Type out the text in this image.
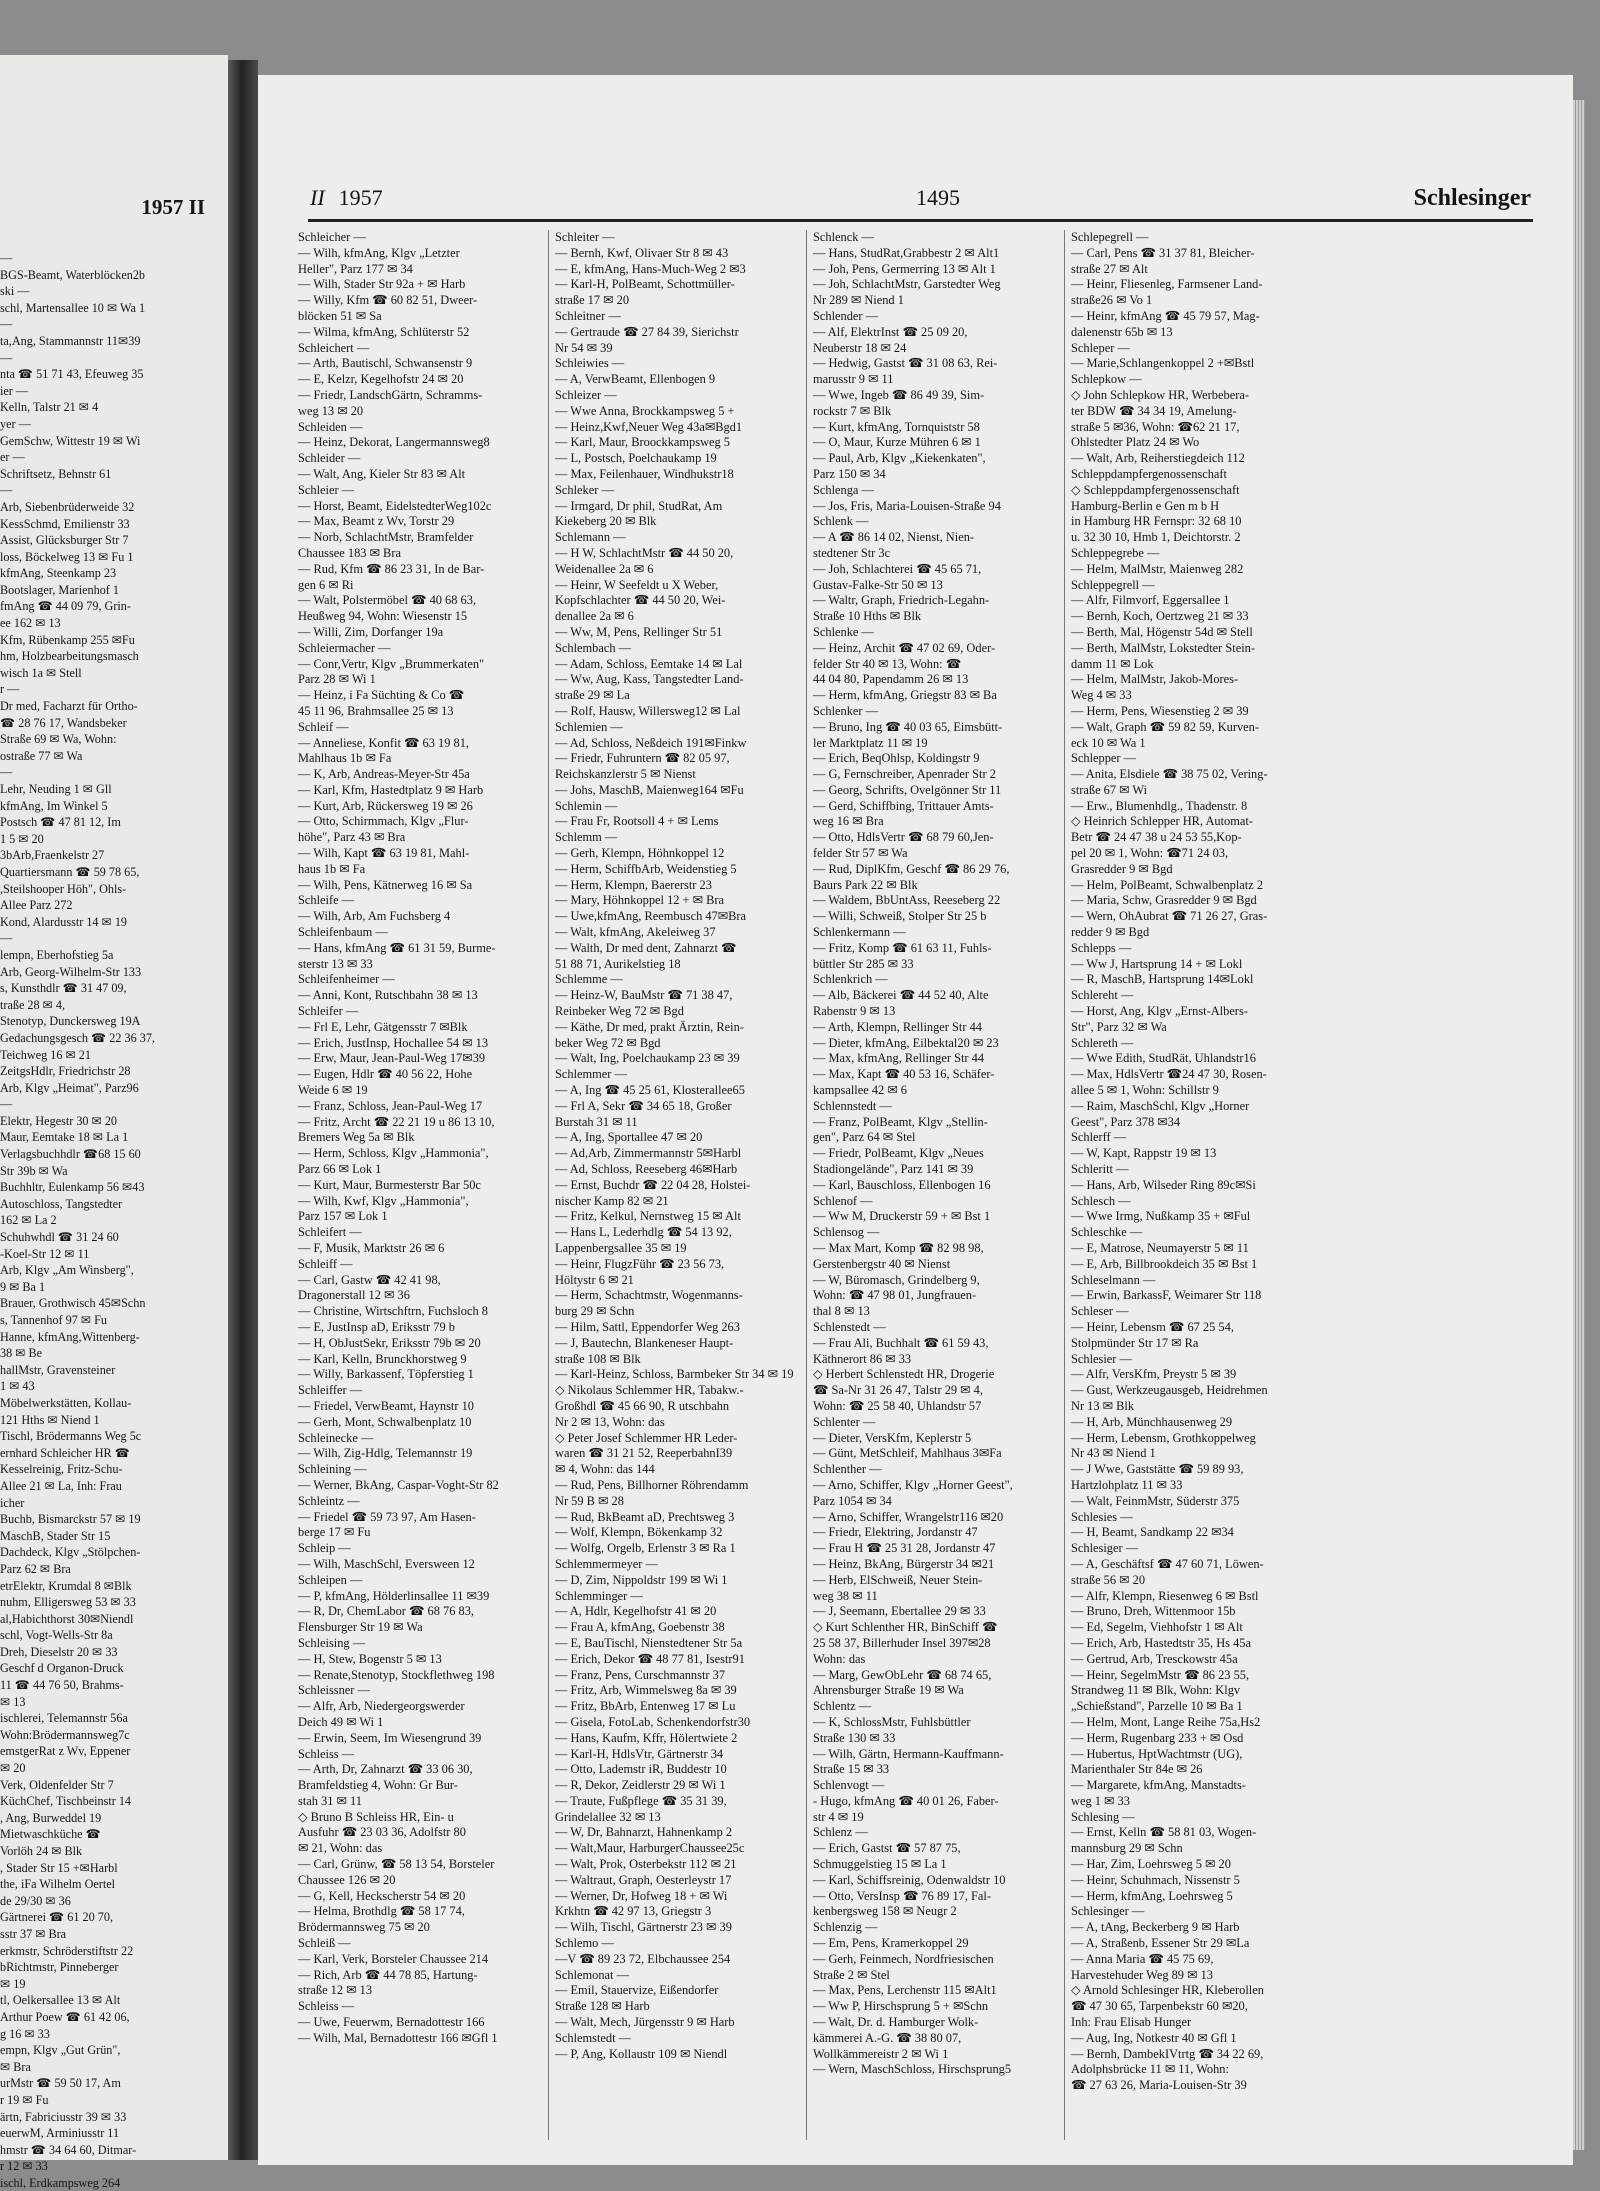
1957 II
—
BGS-Beamt, Waterblöcken2b
ski —
schl, Martensallee 10 ✉ Wa 1
—
ta,Ang, Stammannstr 11✉39
—
nta ☎ 51 71 43, Efeuweg 35
ier —
Kelln, Talstr 21 ✉ 4
yer —
GemSchw, Wittestr 19 ✉ Wi
er —
Schriftsetz, Behnstr 61
—
Arb, Siebenbrüderweide 32
KessSchmd, Emilienstr 33
Assist, Glücksburger Str 7
loss, Böckelweg 13 ✉ Fu 1
kfmAng, Steenkamp 23
Bootslager, Marienhof 1
fmAng ☎ 44 09 79, Grin-
ee 162 ✉ 13
Kfm, Rübenkamp 255 ✉Fu
hm, Holzbearbeitungsmasch
wisch 1a ✉ Stell
r —
Dr med, Facharzt für Ortho-
☎ 28 76 17, Wandsbeker
Straße 69 ✉ Wa, Wohn:
ostraße 77 ✉ Wa
—
Lehr, Neuding 1 ✉ Gll
kfmAng, Im Winkel 5
Postsch ☎ 47 81 12, Im
1 5 ✉ 20
3bArb,Fraenkelstr 27
Quartiersmann ☎ 59 78 65,
,Steilshooper Höh", Ohls-
Allee Parz 272
Kond, Alardusstr 14 ✉ 19
—
lempn, Eberhofstieg 5a
Arb, Georg-Wilhelm-Str 133
s, Kunsthdlr ☎ 31 47 09,
traße 28 ✉ 4,
Stenotyp, Dunckersweg 19A
Gedachungsgesch ☎ 22 36 37,
Teichweg 16 ✉ 21
ZeitgsHdlr, Friedrichstr 28
Arb, Klgv „Heimat", Parz96
—
Elektr, Hegestr 30 ✉ 20
Maur, Eemtake 18 ✉ La 1
Verlagsbuchhdlr ☎68 15 60
Str 39b ✉ Wa
Buchhltr, Eulenkamp 56 ✉43
Autoschloss, Tangstedter
162 ✉ La 2
Schuhwhdl ☎ 31 24 60
-Koel-Str 12 ✉ 11
Arb, Klgv „Am Winsberg",
9 ✉ Ba 1
Brauer, Grothwisch 45✉Schn
s, Tannenhof 97 ✉ Fu
Hanne, kfmAng,Wittenberg-
38 ✉ Be
hallMstr, Gravensteiner
1 ✉ 43
Möbelwerkstätten, Kollau-
121 Hths ✉ Niend 1
Tischl, Brödermanns Weg 5c
ernhard Schleicher HR ☎
Kesselreinig, Fritz-Schu-
Allee 21 ✉ La, Inh: Frau
icher
Buchb, Bismarckstr 57 ✉ 19
MaschB, Stader Str 15
Dachdeck, Klgv „Stölpchen-
Parz 62 ✉ Bra
etrElektr, Krumdal 8 ✉Blk
nuhm, Elligersweg 53 ✉ 33
al,Habichthorst 30✉Niendl
schl, Vogt-Wells-Str 8a
Dreh, Dieselstr 20 ✉ 33
Geschf d Organon-Druck
11 ☎ 44 76 50, Brahms-
✉ 13
ischlerei, Telemannstr 56a
Wohn:Brödermannsweg7c
emstgerRat z Wv, Eppener
✉ 20
Verk, Oldenfelder Str 7
KüchChef, Tischbeinstr 14
, Ang, Burweddel 19
Mietwaschküche ☎
Vorlöh 24 ✉ Blk
, Stader Str 15 +✉Harbl
the, iFa Wilhelm Oertel
de 29/30 ✉ 36
Gärtnerei ☎ 61 20 70,
sstr 37 ✉ Bra
erkmstr, Schröderstiftstr 22
bRichtmstr, Pinneberger
✉ 19
tl, Oelkersallee 13 ✉ Alt
Arthur Poew ☎ 61 42 06,
g 16 ✉ 33
empn, Klgv „Gut Grün",
✉ Bra
urMstr ☎ 59 50 17, Am
r 19 ✉ Fu
ärtn, Fabriciusstr 39 ✉ 33
euerwM, Arminiusstr 11
hmstr ☎ 34 64 60, Ditmar-
r 12 ✉ 33
ischl, Erdkampsweg 264
II 1957	1495	Schlesinger
Schleicher —
— Wilh, kfmAng, Klgv „Letzter
Heller", Parz 177 ✉ 34
— Wilh, Stader Str 92a + ✉ Harb
— Willy, Kfm ☎ 60 82 51, Dweer-
blöcken 51 ✉ Sa
— Wilma, kfmAng, Schlüterstr 52
Schleichert —
— Arth, Bautischl, Schwansenstr 9
— E, Kelzr, Kegelhofstr 24 ✉ 20
— Friedr, LandschGärtn, Schramms-
weg 13 ✉ 20
Schleiden —
— Heinz, Dekorat, Langermannsweg8
Schleider —
— Walt, Ang, Kieler Str 83 ✉ Alt
Schleier —
— Horst, Beamt, EidelstedterWeg102c
— Max, Beamt z Wv, Torstr 29
— Norb, SchlachtMstr, Bramfelder
Chaussee 183 ✉ Bra
— Rud, Kfm ☎ 86 23 31, In de Bar-
gen 6 ✉ Ri
— Walt, Polstermöbel ☎ 40 68 63,
Heußweg 94, Wohn: Wiesenstr 15
— Willi, Zim, Dorfanger 19a
Schleiermacher —
— Conr,Vertr, Klgv „Brummerkaten"
Parz 28 ✉ Wi 1
— Heinz, i Fa Süchting & Co ☎
45 11 96, Brahmsallee 25 ✉ 13
Schleif —
— Anneliese, Konfit ☎ 63 19 81,
Mahlhaus 1b ✉ Fa
— K, Arb, Andreas-Meyer-Str 45a
— Karl, Kfm, Hastedtplatz 9 ✉ Harb
— Kurt, Arb, Rückersweg 19 ✉ 26
— Otto, Schirmmach, Klgv „Flur-
höhe", Parz 43 ✉ Bra
— Wilh, Kapt ☎ 63 19 81, Mahl-
haus 1b ✉ Fa
— Wilh, Pens, Kätnerweg 16 ✉ Sa
Schleife —
— Wilh, Arb, Am Fuchsberg 4
Schleifenbaum —
— Hans, kfmAng ☎ 61 31 59, Burme-
sterstr 13 ✉ 33
Schleifenheimer —
— Anni, Kont, Rutschbahn 38 ✉ 13
Schleifer —
— Frl E, Lehr, Gätgensstr 7 ✉Blk
— Erich, JustInsp, Hochallee 54 ✉ 13
— Erw, Maur, Jean-Paul-Weg 17✉39
— Eugen, Hdlr ☎ 40 56 22, Hohe
Weide 6 ✉ 19
— Franz, Schloss, Jean-Paul-Weg 17
— Fritz, Archt ☎ 22 21 19 u 86 13 10,
Bremers Weg 5a ✉ Blk
— Herm, Schloss, Klgv „Hammonia",
Parz 66 ✉ Lok 1
— Kurt, Maur, Burmesterstr Bar 50c
— Wilh, Kwf, Klgv „Hammonia",
Parz 157 ✉ Lok 1
Schleifert —
— F, Musik, Marktstr 26 ✉ 6
Schleiff —
— Carl, Gastw ☎ 42 41 98,
Dragonerstall 12 ✉ 36
— Christine, Wirtschftrn, Fuchsloch 8
— E, JustInsp aD, Eriksstr 79 b
— H, ObJustSekr, Eriksstr 79b ✉ 20
— Karl, Kelln, Brunckhorstweg 9
— Willy, Barkassenf, Töpferstieg 1
Schleiffer —
— Friedel, VerwBeamt, Haynstr 10
— Gerh, Mont, Schwalbenplatz 10
Schleinecke —
— Wilh, Zig-Hdlg, Telemannstr 19
Schleining —
— Werner, BkAng, Caspar-Voght-Str 82
Schleintz —
— Friedel ☎ 59 73 97, Am Hasen-
berge 17 ✉ Fu
Schleip —
— Wilh, MaschSchl, Eversween 12
Schleipen —
— P, kfmAng, Hölderlinsallee 11 ✉39
— R, Dr, ChemLabor ☎ 68 76 83,
Flensburger Str 19 ✉ Wa
Schleising —
— H, Stew, Bogenstr 5 ✉ 13
— Renate,Stenotyp, Stockflethweg 198
Schleissner —
— Alfr, Arb, Niedergeorgswerder
Deich 49 ✉ Wi 1
— Erwin, Seem, Im Wiesengrund 39
Schleiss —
— Arth, Dr, Zahnarzt ☎ 33 06 30,
Bramfeldstieg 4, Wohn: Gr Bur-
stah 31 ✉ 11
◇ Bruno B Schleiss HR, Ein- u
Ausfuhr ☎ 23 03 36, Adolfstr 80
✉ 21, Wohn: das
— Carl, Grünw, ☎ 58 13 54, Borsteler
Chaussee 126 ✉ 20
— G, Kell, Heckscherstr 54 ✉ 20
— Helma, Brothdlg ☎ 58 17 74,
Brödermannsweg 75 ✉ 20
Schleiß —
— Karl, Verk, Borsteler Chaussee 214
— Rich, Arb ☎ 44 78 85, Hartung-
straße 12 ✉ 13
Schleiss —
— Uwe, Feuerwm, Bernadottestr 166
— Wilh, Mal, Bernadottestr 166 ✉Gfl 1
Schleiter —
— Bernh, Kwf, Olivaer Str 8 ✉ 43
— E, kfmAng, Hans-Much-Weg 2 ✉3
— Karl-H, PolBeamt, Schottmüller-
straße 17 ✉ 20
Schleitner —
— Gertraude ☎ 27 84 39, Sierichstr
Nr 54 ✉ 39
Schleiwies —
— A, VerwBeamt, Ellenbogen 9
Schleizer —
— Wwe Anna, Brockkampsweg 5 +
— Heinz,Kwf,Neuer Weg 43a✉Bgd1
— Karl, Maur, Broockkampsweg 5
— L, Postsch, Poelchaukamp 19
— Max, Feilenhauer, Windhukstr18
Schleker —
— Irmgard, Dr phil, StudRat, Am
Kiekeberg 20 ✉ Blk
Schlemann —
— H W, SchlachtMstr ☎ 44 50 20,
Weidenallee 2a ✉ 6
— Heinr, W Seefeldt u X Weber,
Kopfschlachter ☎ 44 50 20, Wei-
denallee 2a ✉ 6
— Ww, M, Pens, Rellinger Str 51
Schlembach —
— Adam, Schloss, Eemtake 14 ✉ Lal
— Ww, Aug, Kass, Tangstedter Land-
straße 29 ✉ La
— Rolf, Hausw, Willersweg12 ✉ Lal
Schlemien —
— Ad, Schloss, Neßdeich 191✉Finkw
— Friedr, Fuhruntern ☎ 82 05 97,
Reichskanzlerstr 5 ✉ Nienst
— Johs, MaschB, Maienweg164 ✉Fu
Schlemin —
— Frau Fr, Rootsoll 4 + ✉ Lems
Schlemm —
— Gerh, Klempn, Höhnkoppel 12
— Herm, SchiffbArb, Weidenstieg 5
— Herm, Klempn, Baererstr 23
— Mary, Höhnkoppel 12 + ✉ Bra
— Uwe,kfmAng, Reembusch 47✉Bra
— Walt, kfmAng, Akeleiweg 37
— Walth, Dr med dent, Zahnarzt ☎
51 88 71, Aurikelstieg 18
Schlemme —
— Heinz-W, BauMstr ☎ 71 38 47,
Reinbeker Weg 72 ✉ Bgd
— Käthe, Dr med, prakt Ärztin, Rein-
beker Weg 72 ✉ Bgd
— Walt, Ing, Poelchaukamp 23 ✉ 39
Schlemmer —
— A, Ing ☎ 45 25 61, Klosterallee65
— Frl A, Sekr ☎ 34 65 18, Großer
Burstah 31 ✉ 11
— A, Ing, Sportallee 47 ✉ 20
— Ad,Arb, Zimmermannstr 5✉Harbl
— Ad, Schloss, Reeseberg 46✉Harb
— Ernst, Buchdr ☎ 22 04 28, Holstei-
nischer Kamp 82 ✉ 21
— Fritz, Kelkul, Nernstweg 15 ✉ Alt
— Hans L, Lederhdlg ☎ 54 13 92,
Lappenbergsallee 35 ✉ 19
— Heinr, FlugzFühr ☎ 23 56 73,
Höltystr 6 ✉ 21
— Herm, Schachtmstr, Wogenmanns-
burg 29 ✉ Schn
— Hilm, Sattl, Eppendorfer Weg 263
— J, Bautechn, Blankeneser Haupt-
straße 108 ✉ Blk
— Karl-Heinz, Schloss, Barmbeker Str 34 ✉ 19
◇ Nikolaus Schlemmer HR, Tabakw.-
Großhdl ☎ 45 66 90, R utschbahn
Nr 2 ✉ 13, Wohn: das
◇ Peter Josef Schlemmer HR Leder-
waren ☎ 31 21 52, ReeperbahnI39
✉ 4, Wohn: das 144
— Rud, Pens, Billhorner Röhrendamm
Nr 59 B ✉ 28
— Rud, BkBeamt aD, Prechtsweg 3
— Wolf, Klempn, Bökenkamp 32
— Wolfg, Orgelb, Erlenstr 3 ✉ Ra 1
Schlemmermeyer —
— D, Zim, Nippoldstr 199 ✉ Wi 1
Schlemminger —
— A, Hdlr, Kegelhofstr 41 ✉ 20
— Frau A, kfmAng, Goebenstr 38
— E, BauTischl, Nienstedtener Str 5a
— Erich, Dekor ☎ 48 77 81, Isestr91
— Franz, Pens, Curschmannstr 37
— Fritz, Arb, Wimmelsweg 8a ✉ 39
— Fritz, BbArb, Entenweg 17 ✉ Lu
— Gisela, FotoLab, Schenkendorfstr30
— Hans, Kaufm, Kffr, Hölertwiete 2
— Karl-H, HdlsVtr, Gärtnerstr 34
— Otto, Lademstr iR, Buddestr 10
— R, Dekor, Zeidlerstr 29 ✉ Wi 1
— Traute, Fußpflege ☎ 35 31 39,
Grindelallee 32 ✉ 13
— W, Dr, Bahnarzt, Hahnenkamp 2
— Walt,Maur, HarburgerChaussee25c
— Walt, Prok, Osterbekstr 112 ✉ 21
— Waltraut, Graph, Oesterleystr 17
— Werner, Dr, Hofweg 18 + ✉ Wi
Krkhtn ☎ 42 97 13, Griegstr 3
— Wilh, Tischl, Gärtnerstr 23 ✉ 39
Schlemo —
—V ☎ 89 23 72, Elbchaussee 254
Schlemonat —
— Emil, Stauervize, Eißendorfer
Straße 128 ✉ Harb
— Walt, Mech, Jürgensstr 9 ✉ Harb
Schlemstedt —
— P, Ang, Kollaustr 109 ✉ Niendl
Schlenck —
— Hans, StudRat,Grabbestr 2 ✉ Alt1
— Joh, Pens, Germerring 13 ✉ Alt 1
— Joh, SchlachtMstr, Garstedter Weg
Nr 289 ✉ Niend 1
Schlender —
— Alf, ElektrInst ☎ 25 09 20,
Neuberstr 18 ✉ 24
— Hedwig, Gastst ☎ 31 08 63, Rei-
marusstr 9 ✉ 11
— Wwe, Ingeb ☎ 86 49 39, Sim-
rockstr 7 ✉ Blk
— Kurt, kfmAng, Tornquiststr 58
— O, Maur, Kurze Mühren 6 ✉ 1
— Paul, Arb, Klgv „Kiekenkaten",
Parz 150 ✉ 34
Schlenga —
— Jos, Fris, Maria-Louisen-Straße 94
Schlenk —
— A ☎ 86 14 02, Nienst, Nien-
stedtener Str 3c
— Joh, Schlachterei ☎ 45 65 71,
Gustav-Falke-Str 50 ✉ 13
— Waltr, Graph, Friedrich-Legahn-
Straße 10 Hths ✉ Blk
Schlenke —
— Heinz, Archit ☎ 47 02 69, Oder-
felder Str 40 ✉ 13, Wohn: ☎
44 04 80, Papendamm 26 ✉ 13
— Herm, kfmAng, Griegstr 83 ✉ Ba
Schlenker —
— Bruno, Ing ☎ 40 03 65, Eimsbütt-
ler Marktplatz 11 ✉ 19
— Erich, BeqOhlsp, Koldingstr 9
— G, Fernschreiber, Apenrader Str 2
— Georg, Schrifts, Ovelgönner Str 11
— Gerd, Schiffbing, Trittauer Amts-
weg 16 ✉ Bra
— Otto, HdlsVertr ☎ 68 79 60,Jen-
felder Str 57 ✉ Wa
— Rud, DiplKfm, Geschf ☎ 86 29 76,
Baurs Park 22 ✉ Blk
— Waldem, BbUntAss, Reeseberg 22
— Willi, Schweiß, Stolper Str 25 b
Schlenkermann —
— Fritz, Komp ☎ 61 63 11, Fuhls-
büttler Str 285 ✉ 33
Schlenkrich —
— Alb, Bäckerei ☎ 44 52 40, Alte
Rabenstr 9 ✉ 13
— Arth, Klempn, Rellinger Str 44
— Dieter, kfmAng, Eilbektal20 ✉ 23
— Max, kfmAng, Rellinger Str 44
— Max, Kapt ☎ 40 53 16, Schäfer-
kampsallee 42 ✉ 6
Schlennstedt —
— Franz, PolBeamt, Klgv „Stellin-
gen", Parz 64 ✉ Stel
— Friedr, PolBeamt, Klgv „Neues
Stadiongelände", Parz 141 ✉ 39
— Karl, Bauschloss, Ellenbogen 16
Schlenof —
— Ww M, Druckerstr 59 + ✉ Bst 1
Schlensog —
— Max Mart, Komp ☎ 82 98 98,
Gerstenbergstr 40 ✉ Nienst
— W, Büromasch, Grindelberg 9,
Wohn: ☎ 47 98 01, Jungfrauen-
thal 8 ✉ 13
Schlenstedt —
— Frau Ali, Buchhalt ☎ 61 59 43,
Käthnerort 86 ✉ 33
◇ Herbert Schlenstedt HR, Drogerie
☎ Sa-Nr 31 26 47, Talstr 29 ✉ 4,
Wohn: ☎ 25 58 40, Uhlandstr 57
Schlenter —
— Dieter, VersKfm, Keplerstr 5
— Günt, MetSchleif, Mahlhaus 3✉Fa
Schlenther —
— Arno, Schiffer, Klgv „Horner Geest",
Parz 1054 ✉ 34
— Arno, Schiffer, Wrangelstr116 ✉20
— Friedr, Elektring, Jordanstr 47
— Frau H ☎ 25 31 28, Jordanstr 47
— Heinz, BkAng, Bürgerstr 34 ✉21
— Herb, ElSchweiß, Neuer Stein-
weg 38 ✉ 11
— J, Seemann, Ebertallee 29 ✉ 33
◇ Kurt Schlenther HR, BinSchiff ☎
25 58 37, Billerhuder Insel 397✉28
Wohn: das
— Marg, GewObLehr ☎ 68 74 65,
Ahrensburger Straße 19 ✉ Wa
Schlentz —
— K, SchlossMstr, Fuhlsbüttler
Straße 130 ✉ 33
— Wilh, Gärtn, Hermann-Kauffmann-
Straße 15 ✉ 33
Schlenvogt —
- Hugo, kfmAng ☎ 40 01 26, Faber-
str 4 ✉ 19
Schlenz —
— Erich, Gastst ☎ 57 87 75,
Schmuggelstieg 15 ✉ La 1
— Karl, Schiffsreinig, Odenwaldstr 10
— Otto, VersInsp ☎ 76 89 17, Fal-
kenbergsweg 158 ✉ Neugr 2
Schlenzig —
— Em, Pens, Kramerkoppel 29
— Gerh, Feinmech, Nordfriesischen
Straße 2 ✉ Stel
— Max, Pens, Lerchenstr 115 ✉Alt1
— Ww P, Hirschsprung 5 + ✉Schn
— Walt, Dr. d. Hamburger Wolk-
kämmerei A.-G. ☎ 38 80 07,
Wollkämmereistr 2 ✉ Wi 1
— Wern, MaschSchloss, Hirschsprung5
Schlepegrell —
— Carl, Pens ☎ 31 37 81, Bleicher-
straße 27 ✉ Alt
— Heinr, Fliesenleg, Farmsener Land-
straße26 ✉ Vo 1
— Heinr, kfmAng ☎ 45 79 57, Mag-
dalenenstr 65b ✉ 13
Schleper —
— Marie,Schlangenkoppel 2 +✉Bstl
Schlepkow —
◇ John Schlepkow HR, Werbebera-
ter BDW ☎ 34 34 19, Amelung-
straße 5 ✉36, Wohn: ☎62 21 17,
Ohlstedter Platz 24 ✉ Wo
— Walt, Arb, Reiherstiegdeich 112
Schleppdampfergenossenschaft
◇ Schleppdampfergenossenschaft
Hamburg-Berlin e Gen m b H
in Hamburg HR Fernspr: 32 68 10
u. 32 30 10, Hmb 1, Deichtorstr. 2
Schleppegrebe —
— Helm, MalMstr, Maienweg 282
Schleppegrell —
— Alfr, Filmvorf, Eggersallee 1
— Bernh, Koch, Oertzweg 21 ✉ 33
— Berth, Mal, Högenstr 54d ✉ Stell
— Berth, MalMstr, Lokstedter Stein-
damm 11 ✉ Lok
— Helm, MalMstr, Jakob-Mores-
Weg 4 ✉ 33
— Herm, Pens, Wiesenstieg 2 ✉ 39
— Walt, Graph ☎ 59 82 59, Kurven-
eck 10 ✉ Wa 1
Schlepper —
— Anita, Elsdiele ☎ 38 75 02, Vering-
straße 67 ✉ Wi
— Erw., Blumenhdlg., Thadenstr. 8
◇ Heinrich Schlepper HR, Automat-
Betr ☎ 24 47 38 u 24 53 55,Kop-
pel 20 ✉ 1, Wohn: ☎71 24 03,
Grasredder 9 ✉ Bgd
— Helm, PolBeamt, Schwalbenplatz 2
— Maria, Schw, Grasredder 9 ✉ Bgd
— Wern, OhAubrat ☎ 71 26 27, Gras-
redder 9 ✉ Bgd
Schlepps —
— Ww J, Hartsprung 14 + ✉ Lokl
— R, MaschB, Hartsprung 14✉Lokl
Schlereht —
— Horst, Ang, Klgv „Ernst-Albers-
Str", Parz 32 ✉ Wa
Schlereth —
— Wwe Edith, StudRät, Uhlandstr16
— Max, HdlsVertr ☎24 47 30, Rosen-
allee 5 ✉ 1, Wohn: Schillstr 9
— Raim, MaschSchl, Klgv „Horner
Geest", Parz 378 ✉34
Schlerff —
— W, Kapt, Rappstr 19 ✉ 13
Schleritt —
— Hans, Arb, Wilseder Ring 89c✉Si
Schlesch —
— Wwe Irmg, Nußkamp 35 + ✉Ful
Schleschke —
— E, Matrose, Neumayerstr 5 ✉ 11
— E, Arb, Billbrookdeich 35 ✉ Bst 1
Schleselmann —
— Erwin, BarkassF, Weimarer Str 118
Schleser —
— Heinr, Lebensm ☎ 67 25 54,
Stolpmünder Str 17 ✉ Ra
Schlesier —
— Alfr, VersKfm, Preystr 5 ✉ 39
— Gust, Werkzeugausgeb, Heidrehmen
Nr 13 ✉ Blk
— H, Arb, Münchhausenweg 29
— Herm, Lebensm, Grothkoppelweg
Nr 43 ✉ Niend 1
— J Wwe, Gaststätte ☎ 59 89 93,
Hartzlohplatz 11 ✉ 33
— Walt, FeinmMstr, Süderstr 375
Schlesies —
— H, Beamt, Sandkamp 22 ✉34
Schlesiger —
— A, Geschäftsf ☎ 47 60 71, Löwen-
straße 56 ✉ 20
— Alfr, Klempn, Riesenweg 6 ✉ Bstl
— Bruno, Dreh, Wittenmoor 15b
— Ed, Segelm, Viehhofstr 1 ✉ Alt
— Erich, Arb, Hastedtstr 35, Hs 45a
— Gertrud, Arb, Tresckowstr 45a
— Heinr, SegelmMstr ☎ 86 23 55,
Strandweg 11 ✉ Blk, Wohn: Klgv
„Schießstand", Parzelle 10 ✉ Ba 1
— Helm, Mont, Lange Reihe 75a,Hs2
— Herm, Rugenbarg 233 + ✉ Osd
— Hubertus, HptWachtmstr (UG),
Marienthaler Str 84e ✉ 26
— Margarete, kfmAng, Manstadts-
weg 1 ✉ 33
Schlesing —
— Ernst, Kelln ☎ 58 81 03, Wogen-
mannsburg 29 ✉ Schn
— Har, Zim, Loehrsweg 5 ✉ 20
— Heinr, Schuhmach, Nissenstr 5
— Herm, kfmAng, Loehrsweg 5
Schlesinger —
— A, tAng, Beckerberg 9 ✉ Harb
— A, Straßenb, Essener Str 29 ✉La
— Anna Maria ☎ 45 75 69,
Harvestehuder Weg 89 ✉ 13
◇ Arnold Schlesinger HR, Kleberollen
☎ 47 30 65, Tarpenbekstr 60 ✉20,
Inh: Frau Elisab Hunger
— Aug, Ing, Notkestr 40 ✉ Gfl 1
— Bernh, DambekIVtrtg ☎ 34 22 69,
Adolphsbrücke 11 ✉ 11, Wohn:
☎ 27 63 26, Maria-Louisen-Str 39
